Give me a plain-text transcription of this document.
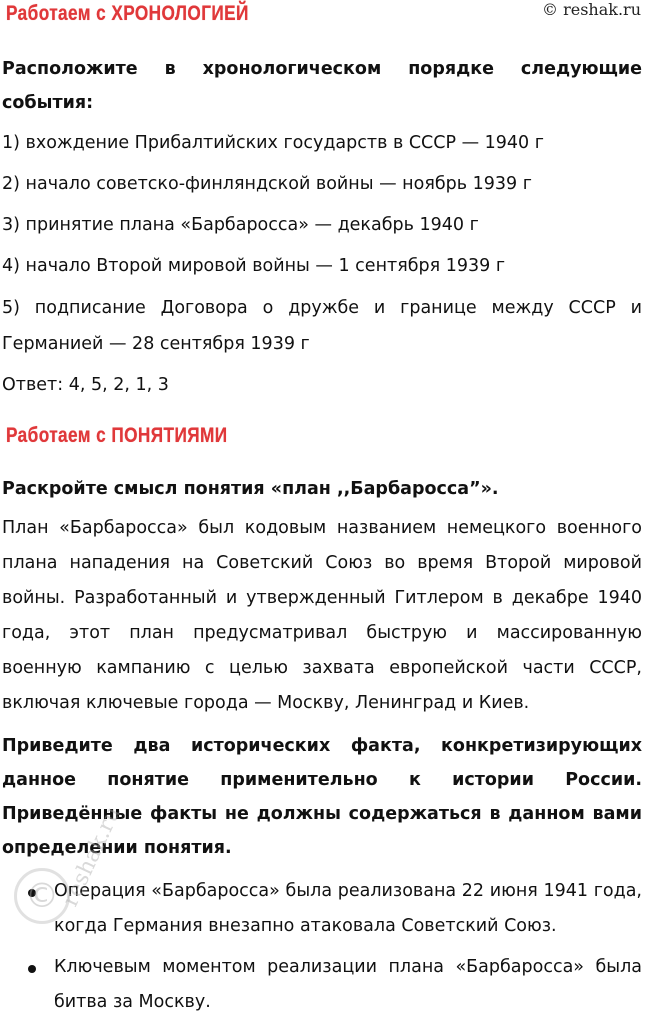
© reshak.ru
Работаем с ХРОНОЛОГИЕЙ
Расположите в хронологическом порядке следующие события:
1) вхождение Прибалтийских государств в СССР — 1940 г
2) начало советско-финляндской войны — ноябрь 1939 г
3) принятие плана «Барбаросса» — декабрь 1940 г
4) начало Второй мировой войны — 1 сентября 1939 г
5) подписание Договора о дружбе и границе между СССР и Германией — 28 сентября 1939 г
Ответ: 4, 5, 2, 1, 3
Работаем с ПОНЯТИЯМИ
Раскройте смысл понятия «план ,,Барбаросса”».
План «Барбаросса» был кодовым названием немецкого военного плана нападения на Советский Союз во время Второй мировой войны. Разработанный и утвержденный Гитлером в декабре 1940 года, этот план предусматривал быструю и массированную военную кампанию с целью захвата европейской части СССР, включая ключевые города — Москву, Ленинград и Киев.
Приведите два исторических факта, конкретизирующих данное понятие применительно к истории России. Приведённые факты не должны содержаться в данном вами определении понятия.
Операция «Барбаросса» была реализована 22 июня 1941 года, когда Германия внезапно атаковала Советский Союз.
Ключевым моментом реализации плана «Барбаросса» была битва за Москву.
© reshak.ru
